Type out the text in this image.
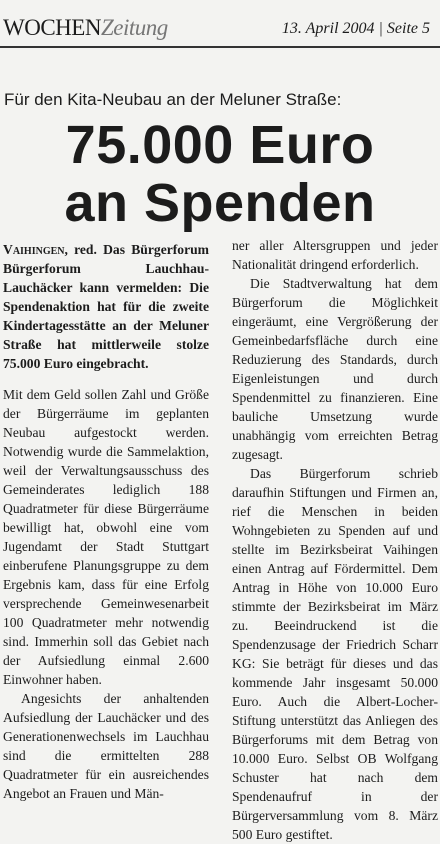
WOCHENZeitung	13. April 2004 | Seite 5
Für den Kita-Neubau an der Meluner Straße:
75.000 Euro
an Spenden

Vaihingen, red. Das Bürgerforum Bürgerforum Lauchhau-Lauchäcker kann vermelden: Die Spendenaktion hat für die zweite Kindertagesstätte an der Meluner Straße hat mittlerweile stolze 75.000 Euro eingebracht.

Mit dem Geld sollen Zahl und Größe der Bürgerräume im geplanten Neubau aufgestockt werden. Notwendig wurde die Sammelaktion, weil der Verwaltungsausschuss des Gemeinderates lediglich 188 Quadratmeter für diese Bürgerräume bewilligt hat, obwohl eine vom Jugendamt der Stadt Stuttgart einberufene Planungsgruppe zu dem Ergebnis kam, dass für eine Erfolg versprechende Gemeinwesenarbeit 100 Quadratmeter mehr notwendig sind. Immerhin soll das Gebiet nach der Aufsiedlung einmal 2.600 Einwohner haben.

Angesichts der anhaltenden Aufsiedlung der Lauchäcker und des Generationenwechsels im Lauchhau sind die ermittelten 288 Quadratmeter für ein ausreichendes Angebot an Frauen und Män-

ner aller Altersgruppen und jeder Nationalität dringend erforderlich.

Die Stadtverwaltung hat dem Bürgerforum die Möglichkeit eingeräumt, eine Vergrößerung der Gemeinbedarfsfläche durch eine Reduzierung des Standards, durch Eigenleistungen und durch Spendenmittel zu finanzieren. Eine bauliche Umsetzung wurde unabhängig vom erreichten Betrag zugesagt.

Das Bürgerforum schrieb daraufhin Stiftungen und Firmen an, rief die Menschen in beiden Wohngebieten zu Spenden auf und stellte im Bezirksbeirat Vaihingen einen Antrag auf Fördermittel. Dem Antrag in Höhe von 10.000 Euro stimmte der Bezirksbeirat im März zu. Beeindruckend ist die Spendenzusage der Friedrich Scharr KG: Sie beträgt für dieses und das kommende Jahr insgesamt 50.000 Euro. Auch die Albert-Locher-Stiftung unterstützt das Anliegen des Bürgerforums mit dem Betrag von 10.000 Euro. Selbst OB Wolfgang Schuster hat nach dem Spendenaufruf in der Bürgerversammlung vom 8. März 500 Euro gestiftet.
